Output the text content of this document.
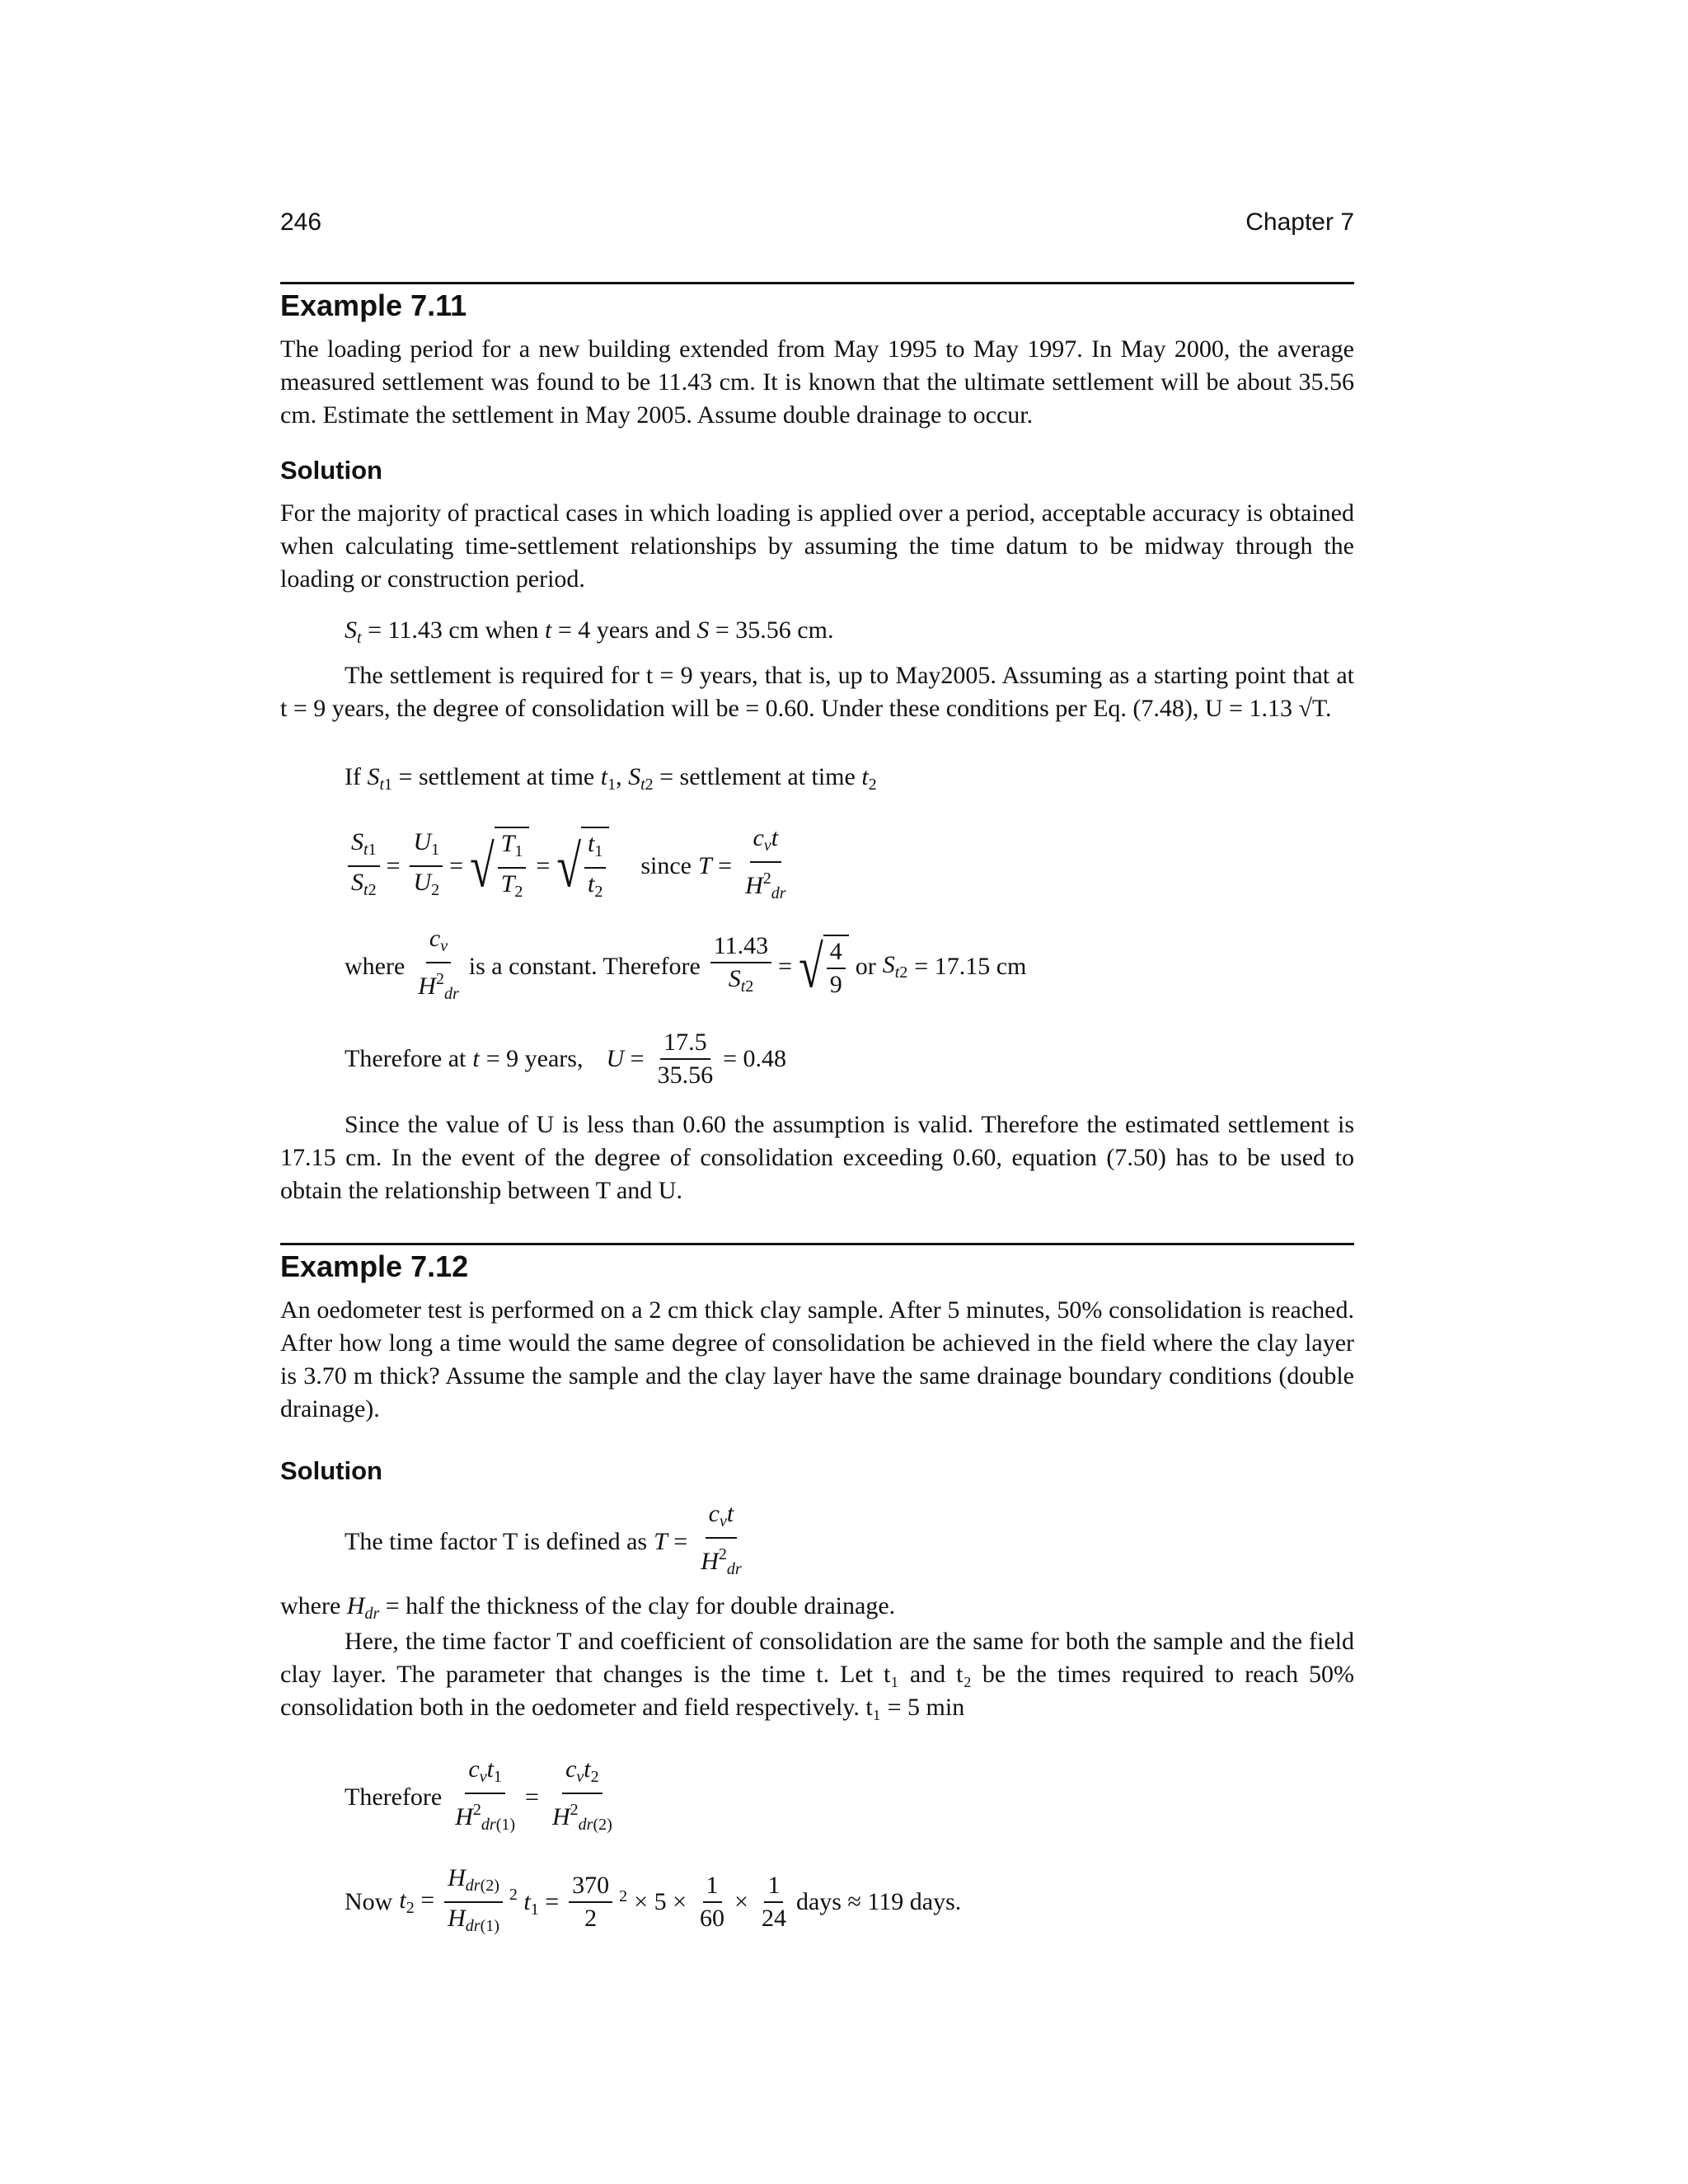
246	Chapter 7
Example 7.11
The loading period for a new building extended from May 1995 to May 1997. In May 2000, the average measured settlement was found to be 11.43 cm. It is known that the ultimate settlement will be about 35.56 cm. Estimate the settlement in May 2005. Assume double drainage to occur.
Solution
For the majority of practical cases in which loading is applied over a period, acceptable accuracy is obtained when calculating time-settlement relationships by assuming the time datum to be midway through the loading or construction period.
$S_t = 11.43$ cm when t = 4 years and S = 35.56 cm.
The settlement is required for t = 9 years, that is, up to May2005. Assuming as a starting point that at t = 9 years, the degree of consolidation will be = 0.60. Under these conditions per Eq. (7.48), U = 1.13 √T.
If $S_{t1}$ = settlement at time $t_1$, $S_{t2}$ = settlement at time $t_2$
$\frac{S_{t1}}{S_{t2}} = \frac{U_1}{U_2}$ = √ $\frac{T_1}{T_2}$ = √ $\frac{t_1}{t_2}$ since $T = \frac{c_vt}{H^2_{dr}}$
where $\frac{c_v}{H^2_{dr}}$ is a constant. Therefore $\frac{11.43}{S_{t2}}$ = √ $\frac{4}{9}$ or $S_{t2} = 17.15$ cm
Therefore at t = 9 years, $U = \frac{17.5}{35.56} = 0.48$
Since the value of U is less than 0.60 the assumption is valid. Therefore the estimated settlement is 17.15 cm. In the event of the degree of consolidation exceeding 0.60, equation (7.50) has to be used to obtain the relationship between T and U.
Example 7.12
An oedometer test is performed on a 2 cm thick clay sample. After 5 minutes, 50% consolidation is reached. After how long a time would the same degree of consolidation be achieved in the field where the clay layer is 3.70 m thick? Assume the sample and the clay layer have the same drainage boundary conditions (double drainage).
Solution
The time factor T is defined as $T = \frac{c_vt}{H^2_{dr}}$
where $H_{dr}$ = half the thickness of the clay for double drainage.
Here, the time factor T and coefficient of consolidation are the same for both the sample and the field clay layer. The parameter that changes is the time t. Let t₁ and t₂ be the times required to reach 50% consolidation both in the oedometer and field respectively. t₁ = 5 min
Therefore $\frac{c_vt_1}{H^2_{dr(1)}} = \frac{c_vt_2}{H^2_{dr(2)}}$
Now $t_2 = \frac{H_{dr(2)}}{H_{dr(1)}} ^2$ $t_1 = \frac{370}{2} ^2 \times 5 \times \frac{1}{60} \times \frac{1}{24}$ days ≈ 119 days.
